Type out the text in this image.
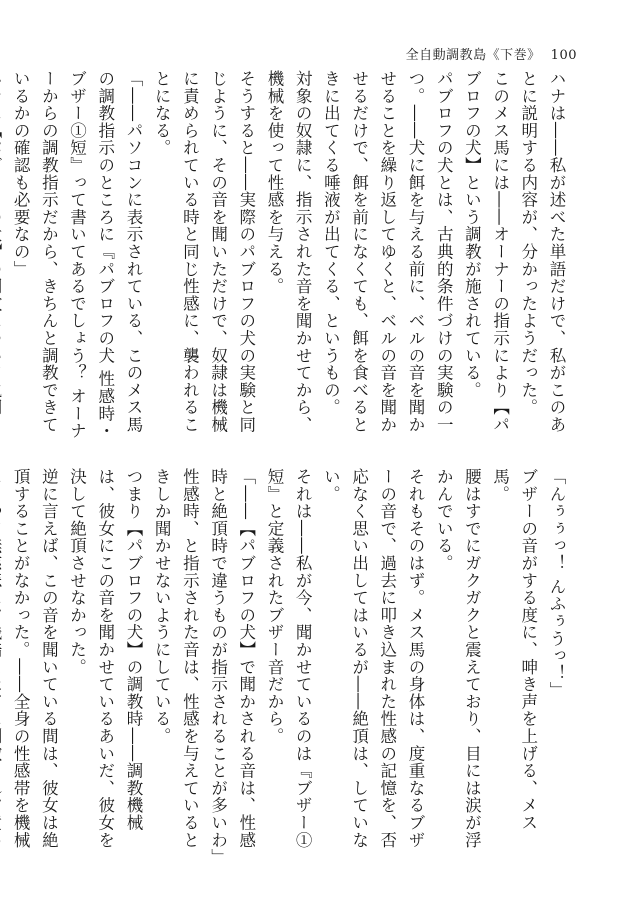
全自動調教島《下巻》 100

ハナは――私が述べた単語だけで、私がこのあとに説明する内容が、分かったようだった。

このメス馬には――オーナーの指示により【パブロフの犬】という調教が施されている。

パブロフの犬とは、古典的条件づけの実験の一つ。――犬に餌を与える前に、ベルの音を聞かせることを繰り返してゆくと、ベルの音を聞かせるだけで、餌を前になくても、餌を食べるときに出てくる唾液が出てくる、というもの。

対象の奴隷に、指示された音を聞かせてから、機械を使って性感を与える。

そうすると――実際のパブロフの犬の実験と同じように、その音を聞いただけで、奴隷は機械に責められている時と同じ性感に、襲われることになる。

「――パソコンに表示されている、このメス馬の調教指示のところに『パブロフの犬 性感時・ブザー①短』って書いてあるでしょう？ オーナーからの調教指示だから、きちんと調教できているかの確認も必要なの」

「んぅぅっ！ んふぅうっ！」

ブザーの音がする度に、呻き声を上げる、メス馬。

腰はすでにガクガクと震えており、目には涙が浮かんでいる。

それもそのはず。メス馬の身体は、度重なるブザーの音で、過去に叩き込まれた性感の記憶を、否応なく思い出してはいるが――絶頂は、していない。

それは――私が今、聞かせているのは『ブザー①短』と定義されたブザー音だから。

「――【パブロフの犬】で聞かされる音は、性感時と絶頂時で違うものが指示されることが多いわ」

性感時、と指示された音は、性感を与えているときしか聞かせないようにしている。

つまり【パブロフの犬】の調教時――調教機械は、彼女にこの音を聞かせているあいだ、彼女を決して絶頂させなかった。

逆に言えば、この音を聞いている間は、彼女は絶頂することがなかった。――全身の性感帯を機械
